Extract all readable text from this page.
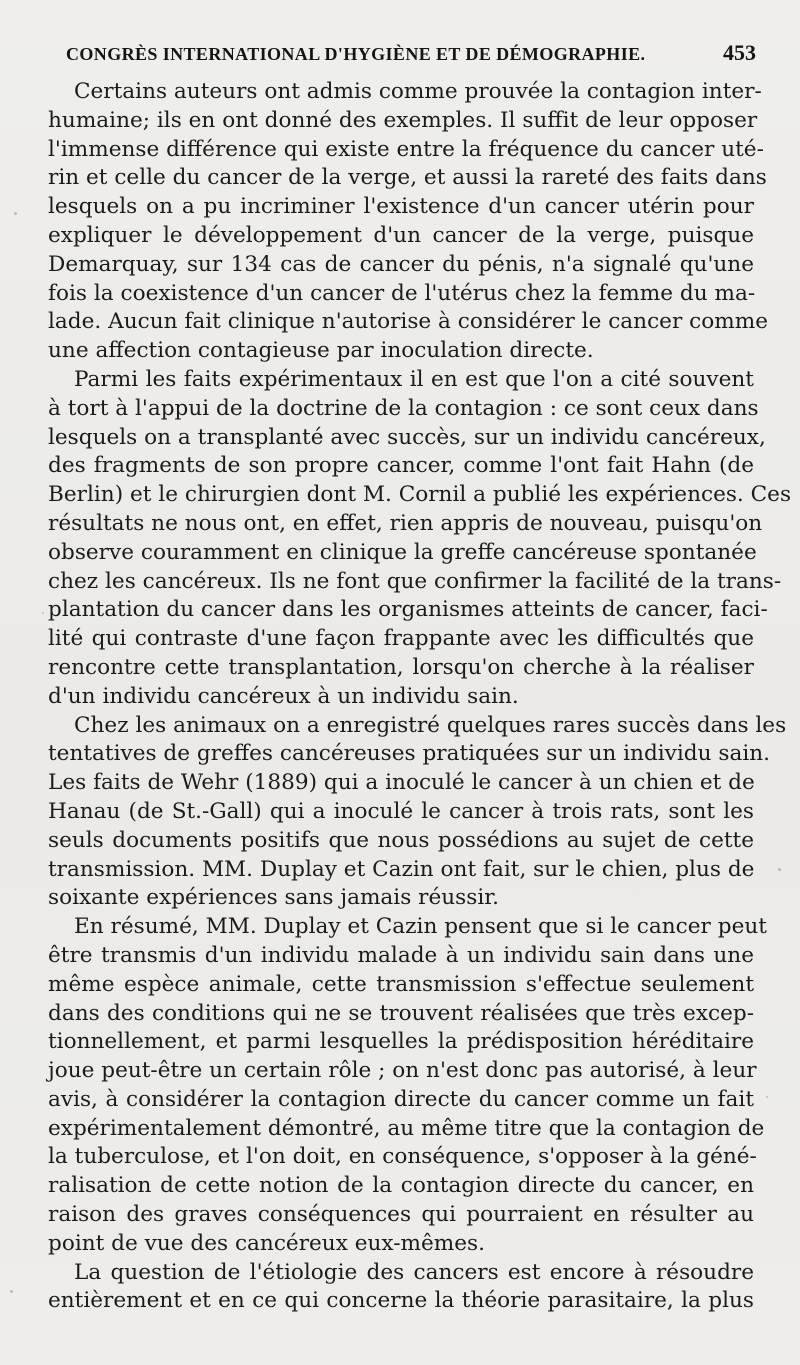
CONGRÈS INTERNATIONAL D'HYGIÈNE ET DE DÉMOGRAPHIE.	453
Certains auteurs ont admis comme prouvée la contagion inter-
humaine; ils en ont donné des exemples. Il suffit de leur opposer
l'immense différence qui existe entre la fréquence du cancer uté-
rin et celle du cancer de la verge, et aussi la rareté des faits dans
lesquels on a pu incriminer l'existence d'un cancer utérin pour
expliquer le développement d'un cancer de la verge, puisque
Demarquay, sur 134 cas de cancer du pénis, n'a signalé qu'une
fois la coexistence d'un cancer de l'utérus chez la femme du ma-
lade. Aucun fait clinique n'autorise à considérer le cancer comme
une affection contagieuse par inoculation directe.
Parmi les faits expérimentaux il en est que l'on a cité souvent
à tort à l'appui de la doctrine de la contagion : ce sont ceux dans
lesquels on a transplanté avec succès, sur un individu cancéreux,
des fragments de son propre cancer, comme l'ont fait Hahn (de
Berlin) et le chirurgien dont M. Cornil a publié les expériences. Ces
résultats ne nous ont, en effet, rien appris de nouveau, puisqu'on
observe couramment en clinique la greffe cancéreuse spontanée
chez les cancéreux. Ils ne font que confirmer la facilité de la trans-
plantation du cancer dans les organismes atteints de cancer, faci-
lité qui contraste d'une façon frappante avec les difficultés que
rencontre cette transplantation, lorsqu'on cherche à la réaliser
d'un individu cancéreux à un individu sain.
Chez les animaux on a enregistré quelques rares succès dans les
tentatives de greffes cancéreuses pratiquées sur un individu sain.
Les faits de Wehr (1889) qui a inoculé le cancer à un chien et de
Hanau (de St.-Gall) qui a inoculé le cancer à trois rats, sont les
seuls documents positifs que nous possédions au sujet de cette
transmission. MM. Duplay et Cazin ont fait, sur le chien, plus de
soixante expériences sans jamais réussir.
En résumé, MM. Duplay et Cazin pensent que si le cancer peut
être transmis d'un individu malade à un individu sain dans une
même espèce animale, cette transmission s'effectue seulement
dans des conditions qui ne se trouvent réalisées que très excep-
tionnellement, et parmi lesquelles la prédisposition héréditaire
joue peut-être un certain rôle ; on n'est donc pas autorisé, à leur
avis, à considérer la contagion directe du cancer comme un fait
expérimentalement démontré, au même titre que la contagion de
la tuberculose, et l'on doit, en conséquence, s'opposer à la géné-
ralisation de cette notion de la contagion directe du cancer, en
raison des graves conséquences qui pourraient en résulter au
point de vue des cancéreux eux-mêmes.
La question de l'étiologie des cancers est encore à résoudre
entièrement et en ce qui concerne la théorie parasitaire, la plus
